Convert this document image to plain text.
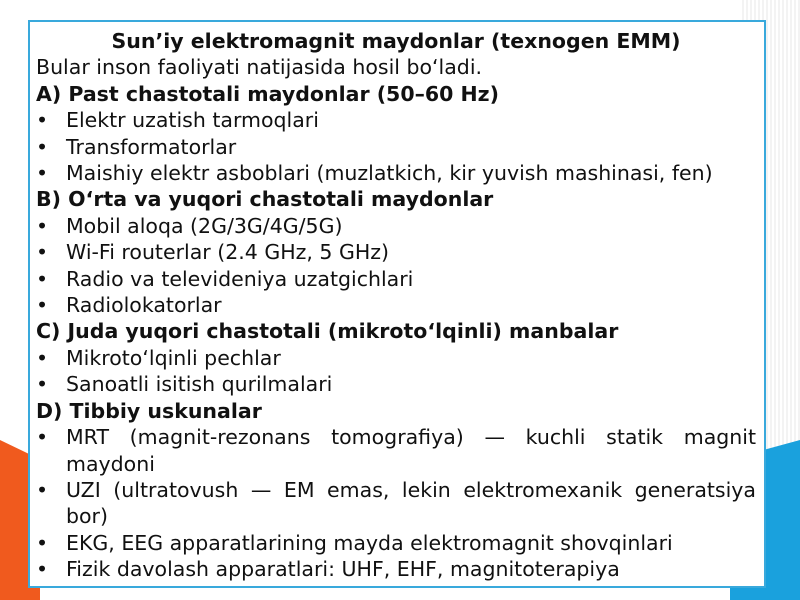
Sun’iy elektromagnit maydonlar (texnogen EMM)
Bular inson faoliyati natijasida hosil bo‘ladi.
A) Past chastotali maydonlar (50–60 Hz)
• Elektr uzatish tarmoqlari
• Transformatorlar
• Maishiy elektr asboblari (muzlatkich, kir yuvish mashinasi, fen)
B) O‘rta va yuqori chastotali maydonlar
• Mobil aloqa (2G/3G/4G/5G)
• Wi-Fi routerlar (2.4 GHz, 5 GHz)
• Radio va televideniya uzatgichlari
• Radiolokatorlar
C) Juda yuqori chastotali (mikroto‘lqinli) manbalar
• Mikroto‘lqinli pechlar
• Sanoatli isitish qurilmalari
D) Tibbiy uskunalar
• MRT (magnit-rezonans tomografiya) — kuchli statik magnit maydoni
• UZI (ultratovush — EM emas, lekin elektromexanik generatsiya bor)
• EKG, EEG apparatlarining mayda elektromagnit shovqinlari
• Fizik davolash apparatlari: UHF, EHF, magnitoterapiya
